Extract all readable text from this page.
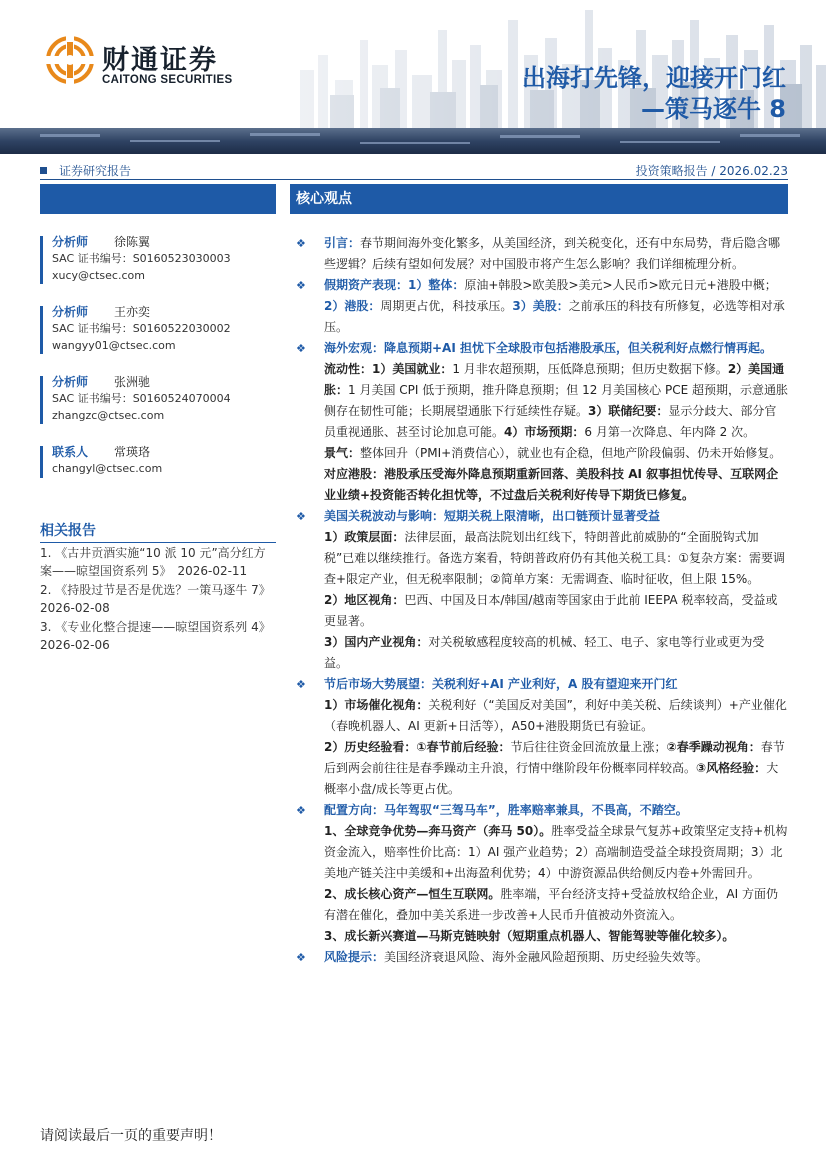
财通证券
CAITONG SECURITIES	出海打先锋，迎接开门红
—策马逐牛 8
证券研究报告	投资策略报告 / 2026.02.23
分析师	徐陈翼
SAC 证书编号：S0160523030003
xucy@ctsec.com
分析师	王亦奕
SAC 证书编号：S0160522030002
wangyy01@ctsec.com
分析师	张洲驰
SAC 证书编号：S0160524070004
zhangzc@ctsec.com
联系人	常瑛珞
changyl@ctsec.com
相关报告
1. 《古井贡酒实施“10 派 10 元”高分红方案——晾望国资系列 5》　2026-02-11
2. 《持股过节是否是优选？一策马逐牛 7》 2026-02-08
3. 《专业化整合提速——晾望国资系列 4》 2026-02-06
核心观点
❖ 引言：春节期间海外变化繁多，从美国经济，到关税变化，还有中东局势，背后隐含哪些逻辑？后续有望如何发展？对中国股市将产生怎么影响？我们详细梳理分析。
❖ 假期资产表现：1）整体：原油+韩股>欧美股>美元>人民币>欧元日元+港股中概；2）港股：周期更占优，科技承压。3）美股：之前承压的科技有所修复，必选等相对承压。
❖ 海外宏观：降息预期+AI 担忧下全球股市包括港股承压，但关税利好点燃行情再起。
流动性：1）美国就业：1 月非农超预期，压低降息预期；但历史数据下修。2）美国通胀：1 月美国 CPI 低于预期，推升降息预期；但 12 月美国核心 PCE 超预期，示意通胀侧存在韧性可能；长期展望通胀下行延续性存疑。3）联储纪要：显示分歧大、部分官员重视通胀、甚至讨论加息可能。4）市场预期：6 月第一次降息、年内降 2 次。
景气：整体回升（PMI+消费信心），就业也有企稳，但地产阶段偏弱、仍未开始修复。
对应港股：港股承压受海外降息预期重新回落、美股科技 AI 叙事担忧传导、互联网企业业绩+投资能否转化担忧等，不过盘后关税利好传导下期货已修复。
❖ 美国关税波动与影响：短期关税上限清晰，出口链预计显著受益
1）政策层面：法律层面，最高法院划出红线下，特朗普此前威胁的“全面脱钩式加税”已难以继续推行。备选方案看，特朗普政府仍有其他关税工具：①复杂方案：需要调查+限定产业，但无税率限制；②简单方案：无需调查、临时征收，但上限 15%。
2）地区视角：巴西、中国及日本/韩国/越南等国家由于此前 IEEPA 税率较高，受益或更显著。
3）国内产业视角：对关税敏感程度较高的机械、轻工、电子、家电等行业或更为受益。
❖ 节后市场大势展望：关税利好+AI 产业利好，A 股有望迎来开门红
1）市场催化视角：关税利好（“美国反对美国”，利好中美关税、后续谈判）+产业催化（春晚机器人、AI 更新+日活等），A50+港股期货已有验证。
2）历史经验看：①春节前后经验：节后往往资金回流放量上涨；②春季躁动视角：春节后到两会前往往是春季躁动主升浪，行情中继阶段年份概率同样较高。③风格经验：大概率小盘/成长等更占优。
❖ 配置方向：马年驾驭“三驾马车”，胜率赔率兼具，不畏高，不踏空。
1、全球竞争优势—奔马资产（奔马 50）。胜率受益全球景气复苏+政策坚定支持+机构资金流入，赔率性价比高：1）AI 强产业趋势；2）高端制造受益全球投资周期；3）北美地产链关注中美缓和+出海盈利优势；4）中游资源品供给侧反内卷+外需回升。
2、成长核心资产—恒生互联网。胜率端，平台经济支持+受益放权给企业，AI 方面仍有潜在催化，叠加中美关系进一步改善+人民币升值被动外资流入。
3、成长新兴赛道—马斯克链映射（短期重点机器人、智能驾驶等催化较多）。
❖ 风险提示：美国经济衰退风险、海外金融风险超预期、历史经验失效等。
请阅读最后一页的重要声明！
